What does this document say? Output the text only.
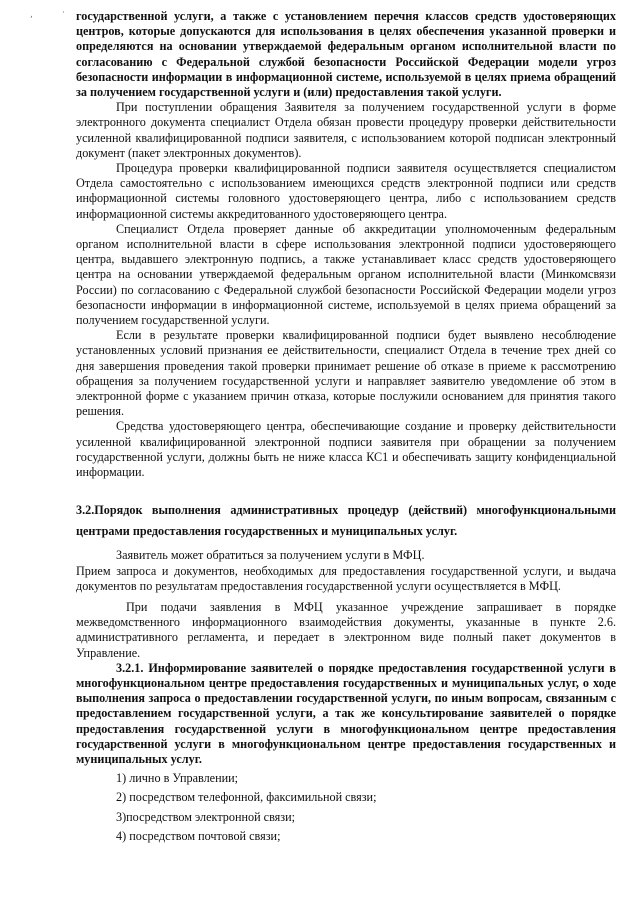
,	· государственной услуги, а также с установлением перечня классов средств удостоверяющих центров, которые допускаются для использования в целях обеспечения указанной проверки и определяются на основании утверждаемой федеральным органом исполнительной власти по согласованию с Федеральной службой безопасности Российской Федерации модели угроз безопасности информации в информационной системе, используемой в целях приема обращений за получением государственной услуги и (или) предоставления такой услуги.

При поступлении обращения Заявителя за получением государственной услуги в форме электронного документа специалист Отдела обязан провести процедуру проверки действительности усиленной квалифицированной подписи заявителя, с использованием которой подписан электронный документ (пакет электронных документов).

Процедура проверки квалифицированной подписи заявителя осуществляется специалистом Отдела самостоятельно с использованием имеющихся средств электронной подписи или средств информационной системы головного удостоверяющего центра, либо с использованием средств информационной системы аккредитованного удостоверяющего центра.

Специалист Отдела проверяет данные об аккредитации уполномоченным федеральным органом исполнительной власти в сфере использования электронной подписи удостоверяющего центра, выдавшего электронную подпись, а также устанавливает класс средств удостоверяющего центра на основании утверждаемой федеральным органом исполнительной власти (Минкомсвязи России) по согласованию с Федеральной службой безопасности Российской Федерации модели угроз безопасности информации в информационной системе, используемой в целях приема обращений за получением государственной услуги.

Если в результате проверки квалифицированной подписи будет выявлено несоблюдение установленных условий признания ее действительности, специалист Отдела в течение трех дней со дня завершения проведения такой проверки принимает решение об отказе в приеме к рассмотрению обращения за получением государственной услуги и направляет заявителю уведомление об этом в электронной форме с указанием причин отказа, которые послужили основанием для принятия такого решения.

Средства удостоверяющего центра, обеспечивающие создание и проверку действительности усиленной квалифицированной электронной подписи заявителя при обращении за получением государственной услуги, должны быть не ниже класса КС1 и обеспечивать защиту конфиденциальной информации.

3.2.Порядок выполнения административных процедур (действий) многофункциональными центрами предоставления государственных и муниципальных услуг.

Заявитель может обратиться за получением услуги в МФЦ.

Прием запроса и документов, необходимых для предоставления государственной услуги, и выдача документов по результатам предоставления государственной услуги осуществляется в МФЦ.

При подачи заявления в МФЦ указанное учреждение запрашивает в порядке межведомственного информационного взаимодействия документы, указанные в пункте 2.6. административного регламента, и передает в электронном виде полный пакет документов в Управление.

3.2.1. Информирование заявителей о порядке предоставления государственной услуги в многофункциональном центре предоставления государственных и муниципальных услуг, о ходе выполнения запроса о предоставлении государственной услуги, по иным вопросам, связанным с предоставлением государственной услуги, а так же консультирование заявителей о порядке предоставления государственной услуги в многофункциональном центре предоставления государственной услуги в многофункциональном центре предоставления государственных и муниципальных услуг.

1) лично в Управлении;

2) посредством телефонной, факсимильной связи;

3)посредством электронной связи;

4) посредством почтовой связи;
